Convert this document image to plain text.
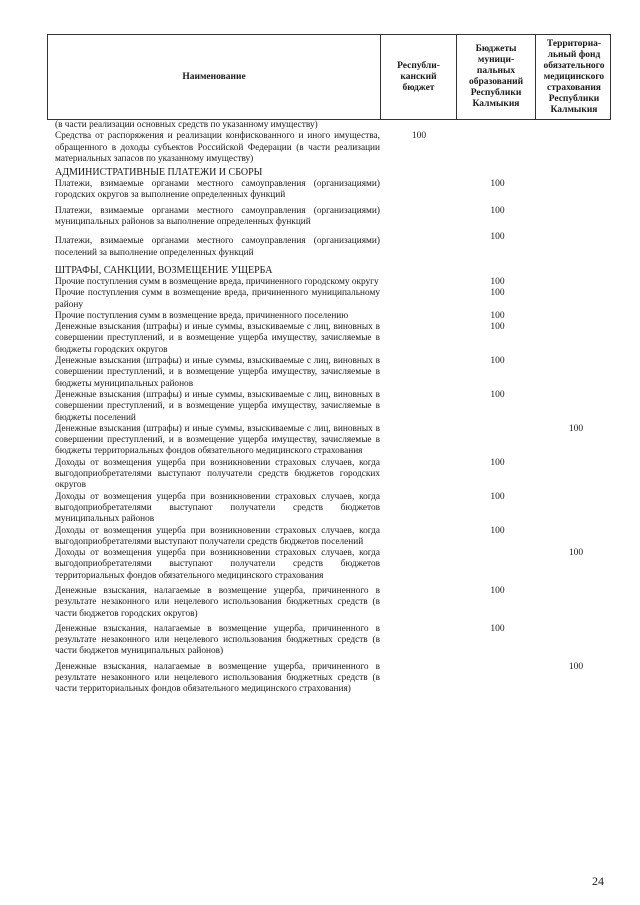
Наименование
Республи-
канский
бюджет
Бюджеты
муници-
пальных
образований
Республики
Калмыкия
Территориа-
льный фонд
обязательного
медицинского
страхования
Республики
Калмыкия
(в части реализации основных средств по указанному имуществу)
Средства от распоряжения и реализации конфискованного и иного имущества, обращенного в доходы субъектов Российской Федерации (в части реализации материальных запасов по указанному имуществу)
100
АДМИНИСТРАТИВНЫЕ ПЛАТЕЖИ И СБОРЫ
Платежи, взимаемые органами местного самоуправления (организациями) городских округов за выполнение определенных функций
100
Платежи, взимаемые органами местного самоуправления (организациями) муниципальных районов за выполнение определенных функций
100
Платежи, взимаемые органами местного самоуправления (организациями) поселений за выполнение определенных функций
100
ШТРАФЫ, САНКЦИИ, ВОЗМЕЩЕНИЕ УЩЕРБА
Прочие поступления сумм в возмещение вреда, причиненного городскому округу	100
Прочие поступления сумм в возмещение вреда, причиненного муниципальному району
100
Прочие поступления сумм в возмещение вреда, причиненного поселению	100
Денежные взыскания (штрафы) и иные суммы, взыскиваемые с лиц, виновных в совершении преступлений, и в возмещение ущерба имуществу, зачисляемые в бюджеты городских округов
100
Денежные взыскания (штрафы) и иные суммы, взыскиваемые с лиц, виновных в совершении преступлений, и в возмещение ущерба имуществу, зачисляемые в бюджеты муниципальных районов
100
Денежные взыскания (штрафы) и иные суммы, взыскиваемые с лиц, виновных в совершении преступлений, и в возмещение ущерба имуществу, зачисляемые в бюджеты поселений
100
Денежные взыскания (штрафы) и иные суммы, взыскиваемые с лиц, виновных в совершении преступлений, и в возмещение ущерба имуществу, зачисляемые в бюджеты территориальных фондов обязательного медицинского страхования
100
Доходы от возмещения ущерба при возникновении страховых случаев, когда выгодоприобретателями выступают получатели средств бюджетов городских округов
100
Доходы от возмещения ущерба при возникновении страховых случаев, когда выгодоприобретателями выступают получатели средств бюджетов муниципальных районов
100
Доходы от возмещения ущерба при возникновении страховых случаев, когда выгодоприобретателями выступают получатели средств бюджетов поселений
100
Доходы от возмещения ущерба при возникновении страховых случаев, когда выгодоприобретателями выступают получатели средств бюджетов территориальных фондов обязательного медицинского страхования
100
Денежные взыскания, налагаемые в возмещение ущерба, причиненного в результате незаконного или нецелевого использования бюджетных средств (в части бюджетов городских округов)
100
Денежные взыскания, налагаемые в возмещение ущерба, причиненного в результате незаконного или нецелевого использования бюджетных средств (в части бюджетов муниципальных районов)
100
Денежные взыскания, налагаемые в возмещение ущерба, причиненного в результате незаконного или нецелевого использования бюджетных средств (в части территориальных фондов обязательного медицинского страхования)
100
24
